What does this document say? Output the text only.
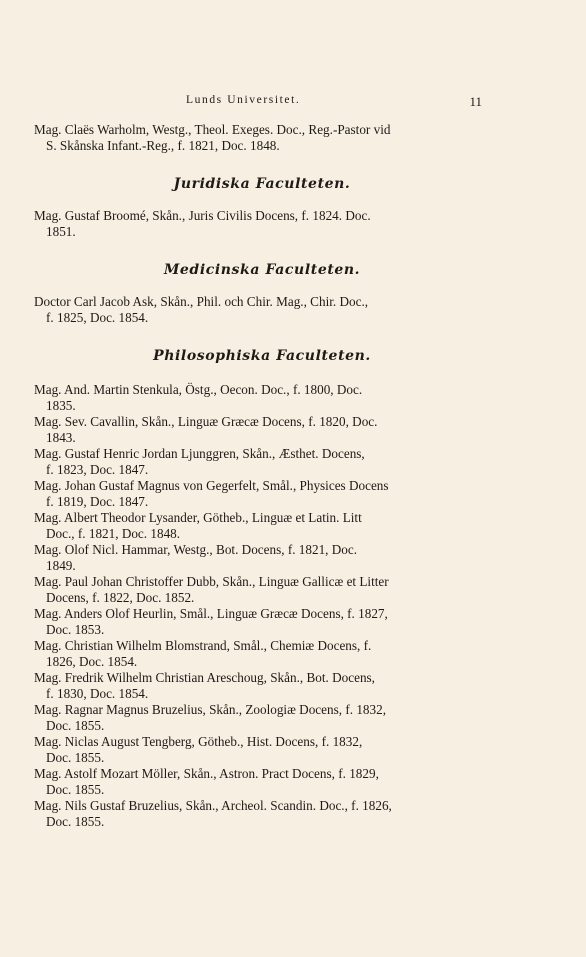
Lunds Universitet.	11

Mag. Claës Warholm, Westg., Theol. Exeges. Doc., Reg.-Pastor vid
S. Skånska Infant.-Reg., f. 1821, Doc. 1848.

Juridiska Faculteten.

Mag. Gustaf Broomé, Skån., Juris Civilis Docens, f. 1824. Doc.
1851.

Medicinska Faculteten.

Doctor Carl Jacob Ask, Skån., Phil. och Chir. Mag., Chir. Doc.,
f. 1825, Doc. 1854.

Philosophiska Faculteten.

Mag. And. Martin Stenkula, Östg., Oecon. Doc., f. 1800, Doc.
1835.

Mag. Sev. Cavallin, Skån., Linguæ Græcæ Docens, f. 1820, Doc.
1843.

Mag. Gustaf Henric Jordan Ljunggren, Skån., Æsthet. Docens,
f. 1823, Doc. 1847.

Mag. Johan Gustaf Magnus von Gegerfelt, Smål., Physices Docens
f. 1819, Doc. 1847.

Mag. Albert Theodor Lysander, Götheb., Linguæ et Latin. Litt
Doc., f. 1821, Doc. 1848.

Mag. Olof Nicl. Hammar, Westg., Bot. Docens, f. 1821, Doc.
1849.

Mag. Paul Johan Christoffer Dubb, Skån., Linguæ Gallicæ et Litter
Docens, f. 1822, Doc. 1852.

Mag. Anders Olof Heurlin, Smål., Linguæ Græcæ Docens, f. 1827,
Doc. 1853.

Mag. Christian Wilhelm Blomstrand, Smål., Chemiæ Docens, f.
1826, Doc. 1854.

Mag. Fredrik Wilhelm Christian Areschoug, Skån., Bot. Docens,
f. 1830, Doc. 1854.

Mag. Ragnar Magnus Bruzelius, Skån., Zoologiæ Docens, f. 1832,
Doc. 1855.

Mag. Niclas August Tengberg, Götheb., Hist. Docens, f. 1832,
Doc. 1855.

Mag. Astolf Mozart Möller, Skån., Astron. Pract Docens, f. 1829,
Doc. 1855.

Mag. Nils Gustaf Bruzelius, Skån., Archeol. Scandin. Doc., f. 1826,
Doc. 1855.
